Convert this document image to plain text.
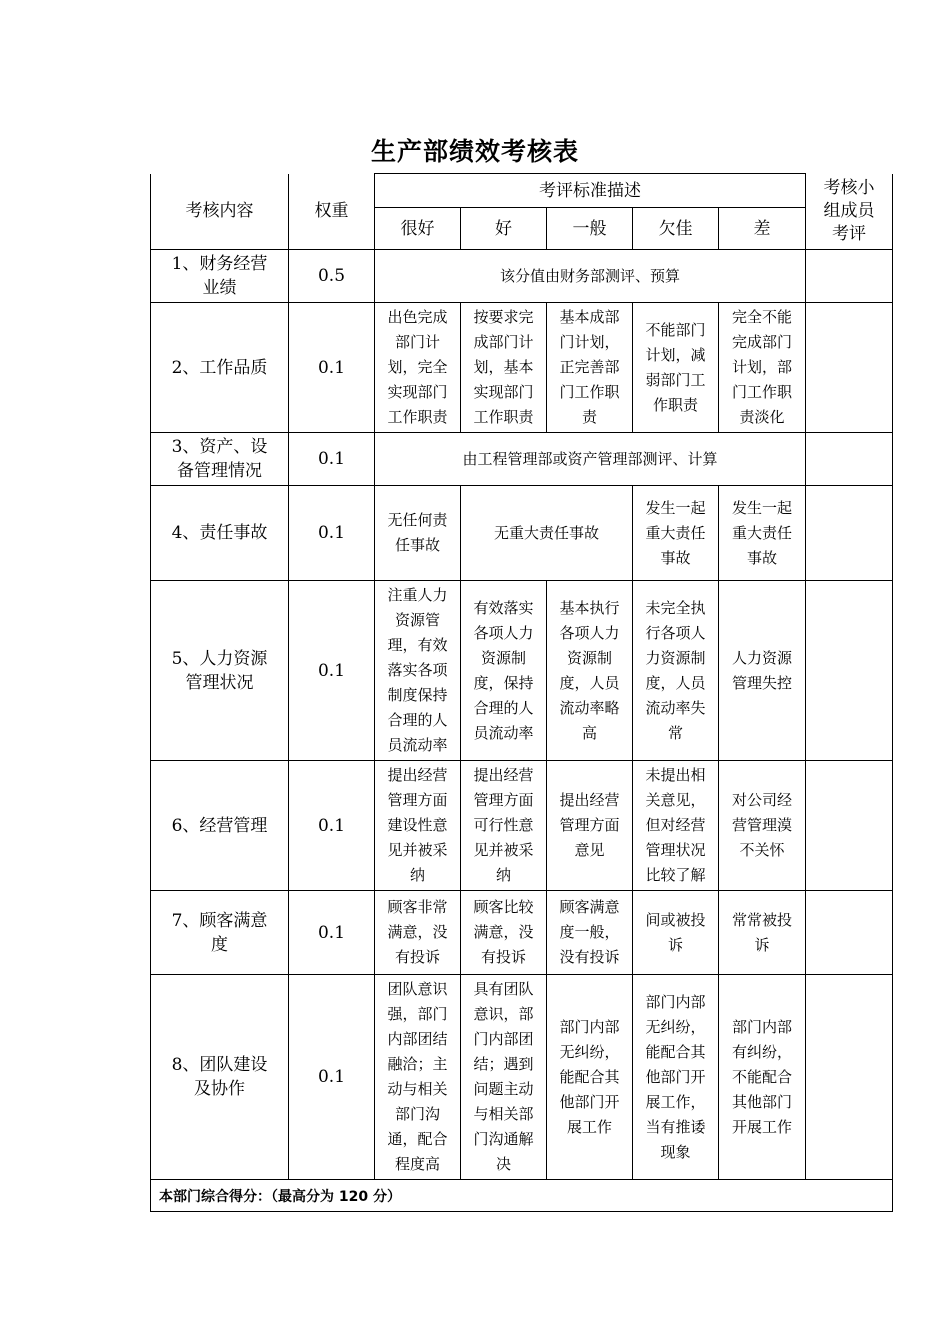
生产部绩效考核表
考核内容	权重	考评标准描述					考核小组成员考评
		很好	好	一般	欠佳	差	
1、财务经营业绩	0.5	该分值由财务部测评、预算					
2、工作品质	0.1	出色完成部门计划，完全实现部门工作职责	按要求完成部门计划，基本实现部门工作职责	基本成部门计划，正完善部门工作职责	不能部门计划，减弱部门工作职责	完全不能完成部门计划，部门工作职责淡化	
3、资产、设备管理情况	0.1	由工程管理部或资产管理部测评、计算					
4、责任事故	0.1	无任何责任事故	无重大责任事故		发生一起重大责任事故	发生一起重大责任事故	
5、人力资源管理状况	0.1	注重人力资源管理，有效落实各项制度保持合理的人员流动率	有效落实各项人力资源制度，保持合理的人员流动率	基本执行各项人力资源制度，人员流动率略高	未完全执行各项人力资源制度，人员流动率失常	人力资源管理失控	
6、经营管理	0.1	提出经营管理方面建设性意见并被采纳	提出经营管理方面可行性意见并被采纳	提出经营管理方面意见	未提出相关意见，但对经营管理状况比较了解	对公司经营管理漠不关怀	
7、顾客满意度	0.1	顾客非常满意，没有投诉	顾客比较满意，没有投诉	顾客满意度一般，没有投诉	间或被投诉	常常被投诉	
8、团队建设及协作	0.1	团队意识强，部门内部团结融洽；主动与相关部门沟通，配合程度高	具有团队意识，部门内部团结；遇到问题主动与相关部门沟通解决	部门内部无纠纷，能配合其他部门开展工作	部门内部无纠纷，能配合其他部门开展工作，当有推诿现象	部门内部有纠纷，不能配合其他部门开展工作	
本部门综合得分：（最高分为 120 分）							
